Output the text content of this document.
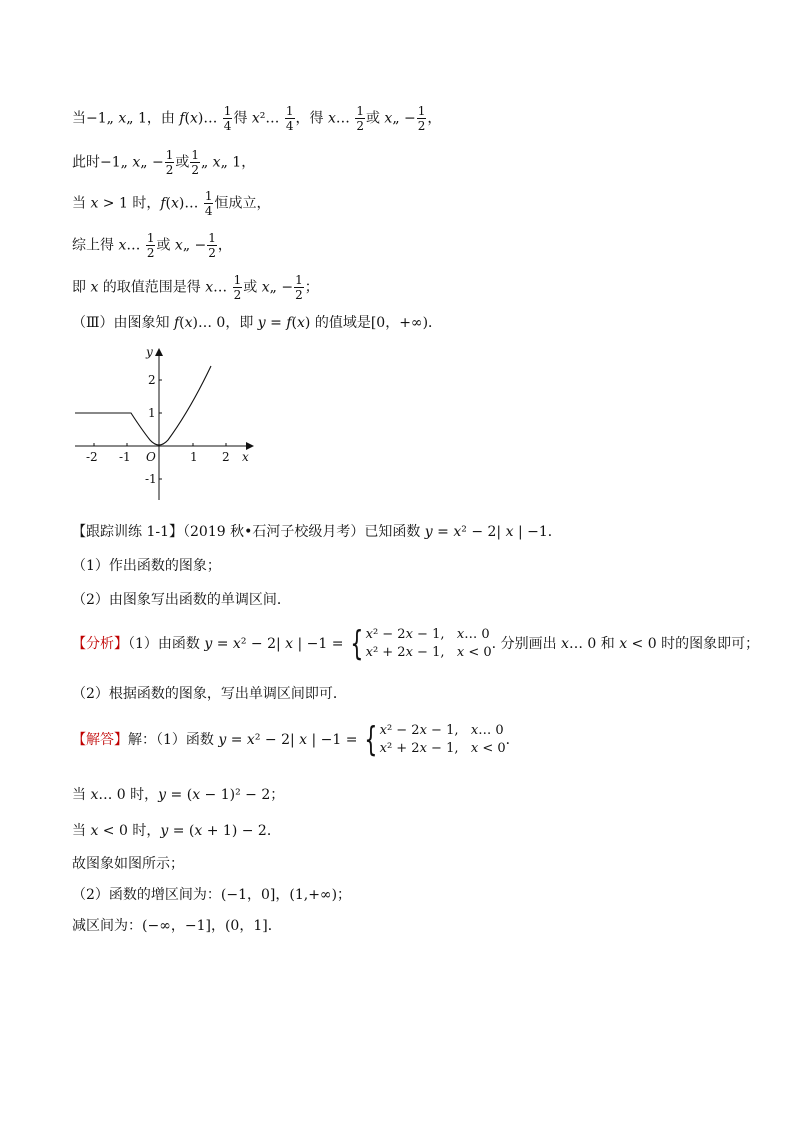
当−1„ x„ 1，由 f(x)… $\frac{1}{4}$ 得 x²… $\frac{1}{4}$ ，得 x… $\frac{1}{2}$ 或 x„ − $\frac{1}{2}$ ，
此时−1„ x„ − $\frac{1}{2}$ 或 $\frac{1}{2}$ „ x„ 1，
当 x > 1 时，f(x)… $\frac{1}{4}$ 恒成立，
综上得 x… $\frac{1}{2}$ 或 x„ − $\frac{1}{2}$ ，
即 x 的取值范围是得 x… $\frac{1}{2}$ 或 x„ − $\frac{1}{2}$ ；
（Ⅲ）由图象知 f(x)… 0，即 y = f(x) 的值域是[0，+∞)．
-2 -1 O	1 2 x
y
2
1
-1
【跟踪训练 1-1】（2019 秋•石河子校级月考）已知函数 y = x² − 2| x | −1．
（1）作出函数的图象；
（2）由图象写出函数的单调区间．
【分析】（1）由函数 y = x² − 2| x | −1 = { x² − 2x − 1,   x… 0
x² + 2x − 1,   x < 0
. 分别画出 x… 0 和 x < 0 时的图象即可；
（2）根据函数的图象，写出单调区间即可．
【解答】解：（1）函数 y = x² − 2| x | −1 = { x² − 2x − 1,   x… 0
x² + 2x − 1,   x < 0
．
当 x… 0 时，y = (x − 1)² − 2；
当 x < 0 时，y = (x + 1) − 2．
故图象如图所示；
（2）函数的增区间为：(−1，0]，(1,+∞)；
减区间为：(−∞，−1]，(0，1]．
